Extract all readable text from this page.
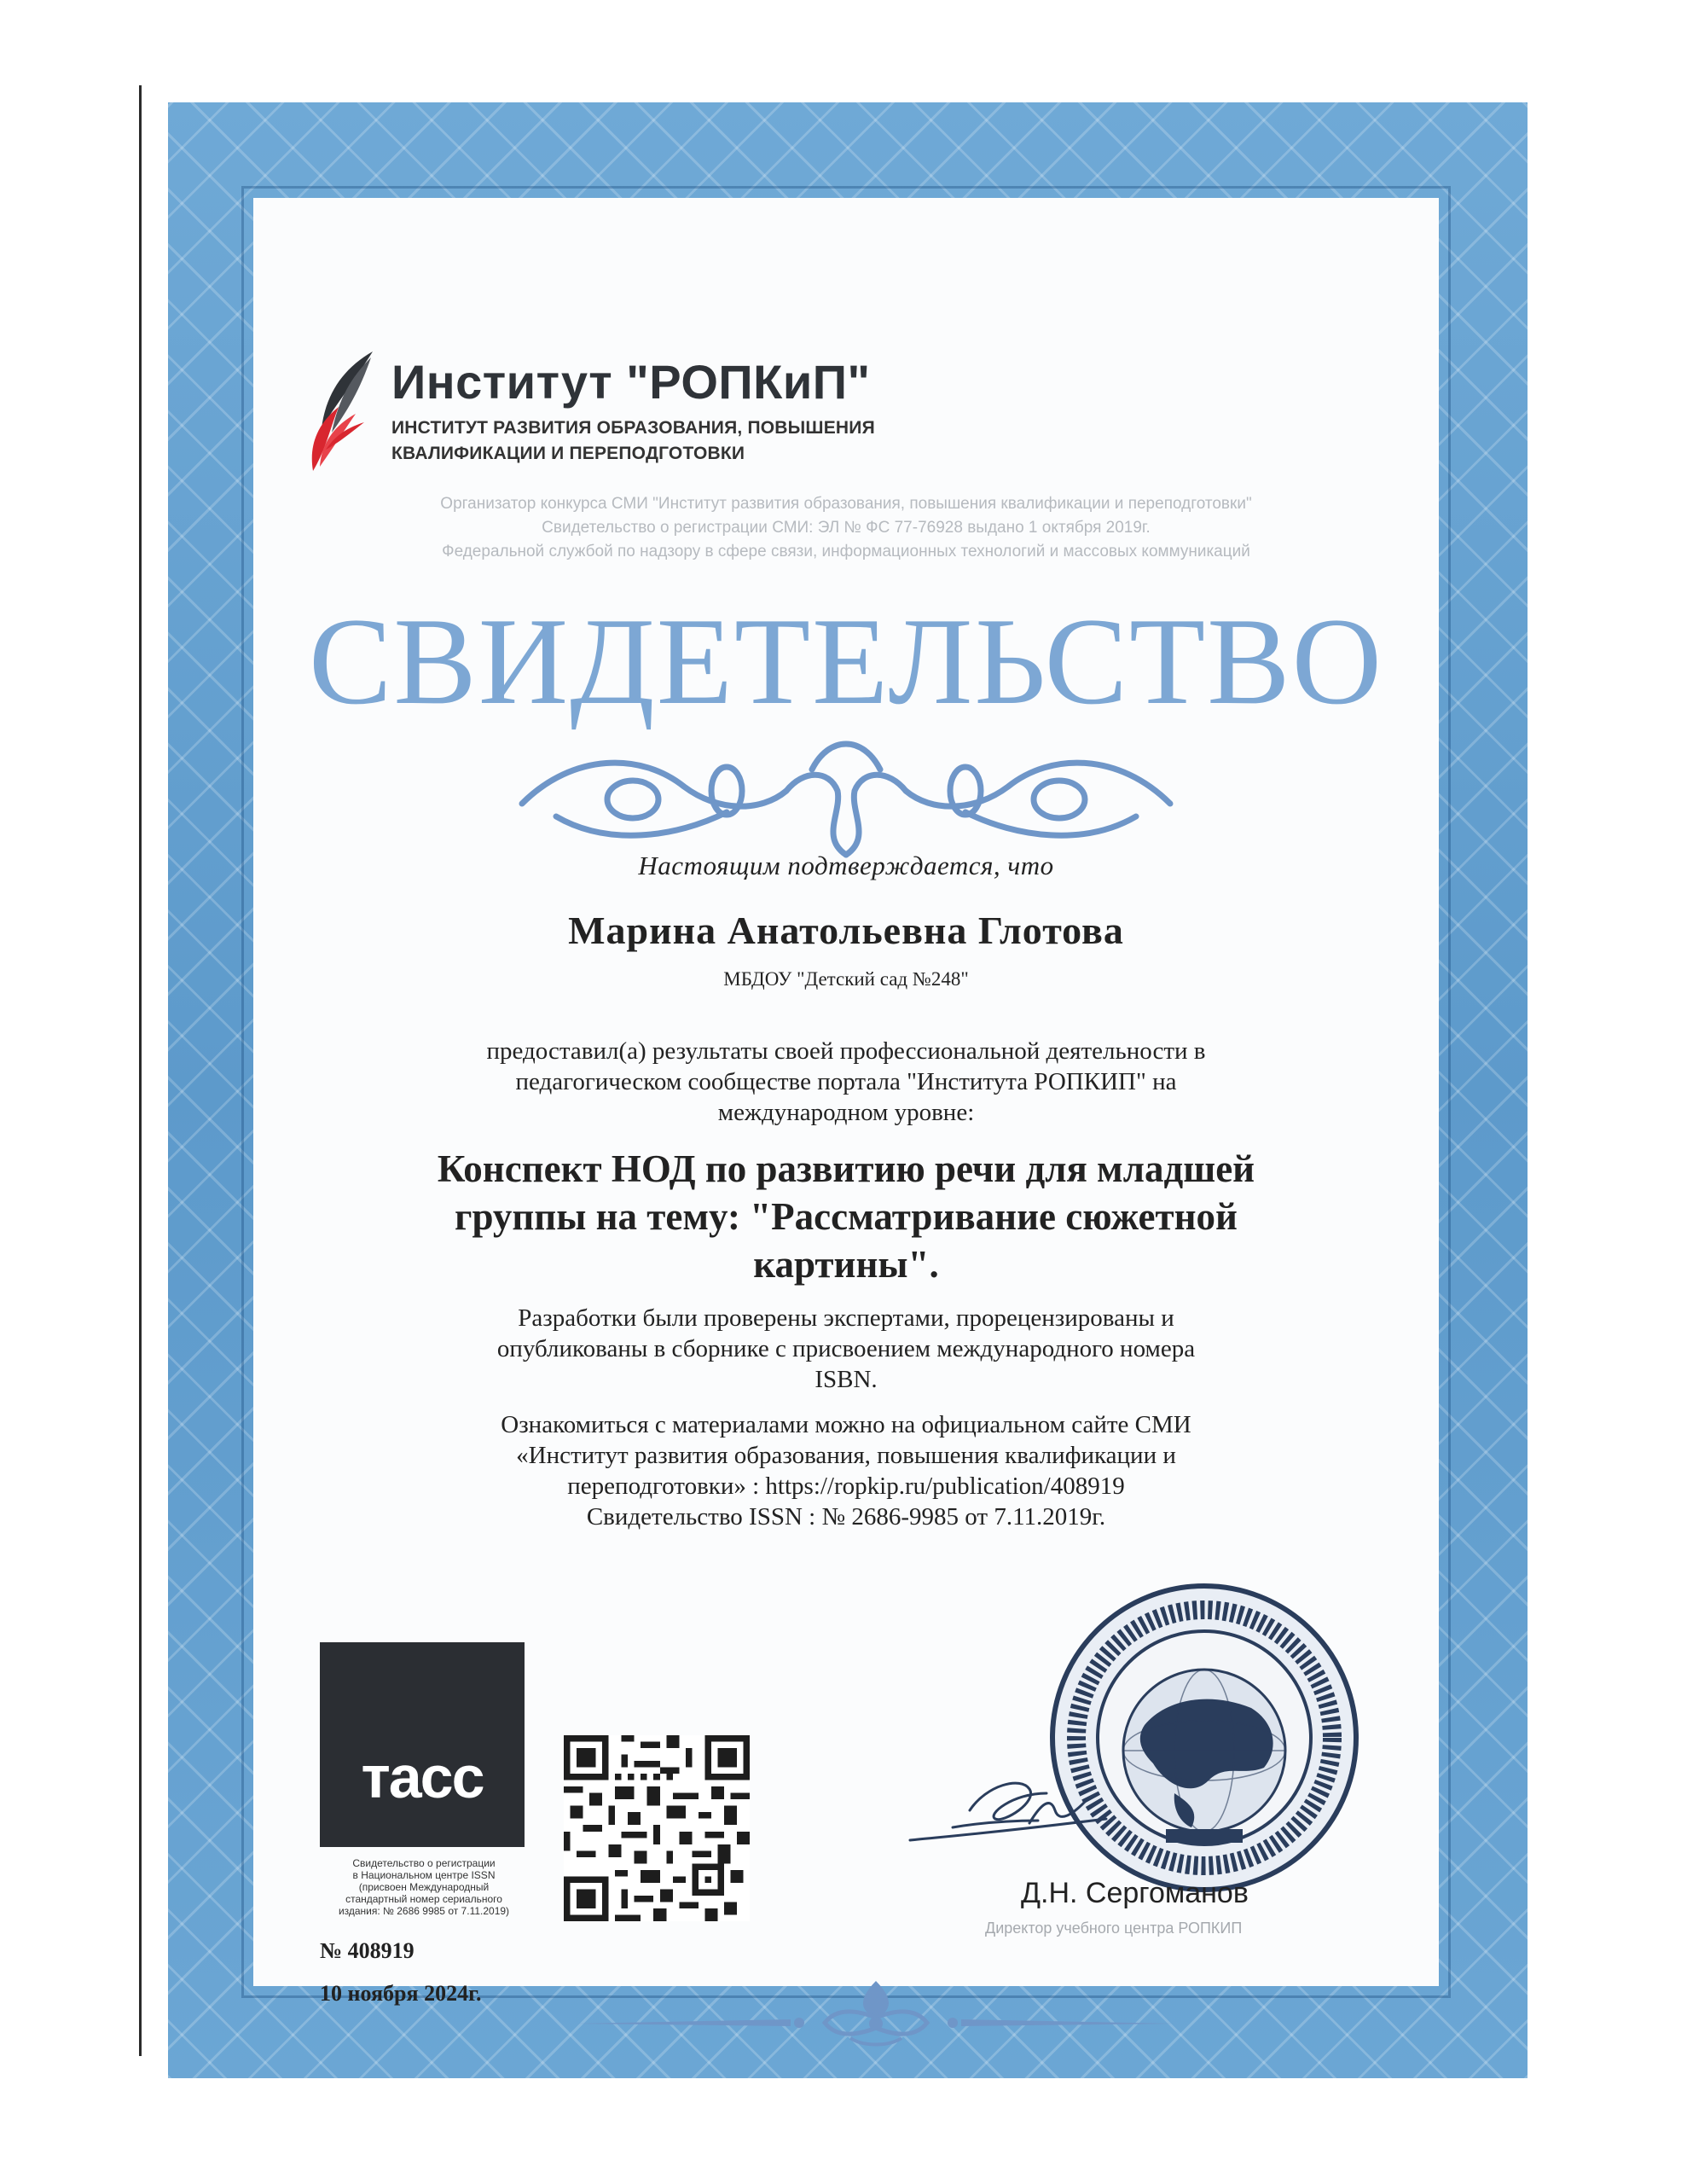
Институт "РОПКиП"
ИНСТИТУТ РАЗВИТИЯ ОБРАЗОВАНИЯ, ПОВЫШЕНИЯ
КВАЛИФИКАЦИИ И ПЕРЕПОДГОТОВКИ
Организатор конкурса СМИ "Институт развития образования, повышения квалификации и переподготовки"
Свидетельство о регистрации СМИ: ЭЛ № ФС 77-76928 выдано 1 октября 2019г.
Федеральной службой по надзору в сфере связи, информационных технологий и массовых коммуникаций
СВИДЕТЕЛЬСТВО
Настоящим подтверждается, что
Марина Анатольевна Глотова
МБДОУ "Детский сад №248"
предоставил(а) результаты своей профессиональной деятельности в
педагогическом сообществе портала "Института РОПКИП" на
международном уровне:
Конспект НОД по развитию речи для младшей
группы на тему: "Рассматривание сюжетной
картины".
Разработки были проверены экспертами, прорецензированы и
опубликованы в сборнике с присвоением международного номера
ISBN.
Ознакомиться с материалами можно на официальном сайте СМИ
«Институт развития образования, повышения квалификации и
переподготовки» : https://ropkip.ru/publication/408919
Свидетельство ISSN : № 2686-9985 от 7.11.2019г.
тасс
Свидетельство о регистрации
в Национальном центре ISSN
(присвоен Международный
стандартный номер сериального
издания: № 2686 9985 от 7.11.2019)
№ 408919
10 ноября 2024г.
Д.Н. Сергоманов
Директор учебного центра РОПКИП
